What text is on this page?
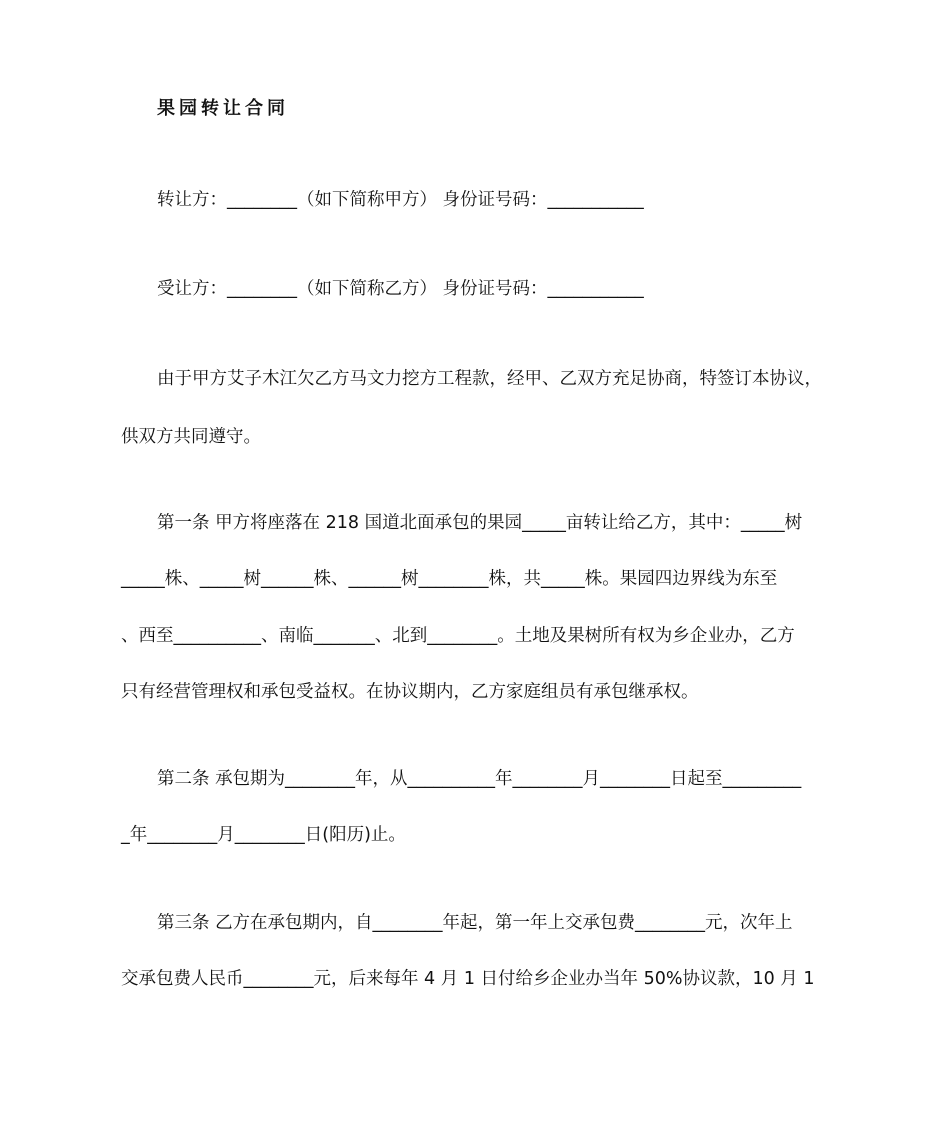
果园转让合同
转让方：________（如下简称甲方） 身份证号码：___________
受让方：________（如下简称乙方） 身份证号码：___________
由于甲方艾子木江欠乙方马文力挖方工程款，经甲、乙双方充足协商，特签订本协议，
供双方共同遵守。
第一条 甲方将座落在 218 国道北面承包的果园_____亩转让给乙方，其中：_____树
_____株、_____树______株、______树________株，共_____株。果园四边界线为东至
、西至__________、南临_______、北到________。土地及果树所有权为乡企业办，乙方
只有经营管理权和承包受益权。在协议期内，乙方家庭组员有承包继承权。
第二条 承包期为________年，从__________年________月________日起至_________
_年________月________日(阳历)止。
第三条 乙方在承包期内，自________年起，第一年上交承包费________元，次年上
交承包费人民币________元，后来每年 4 月 1 日付给乡企业办当年 50%协议款，10 月 1
